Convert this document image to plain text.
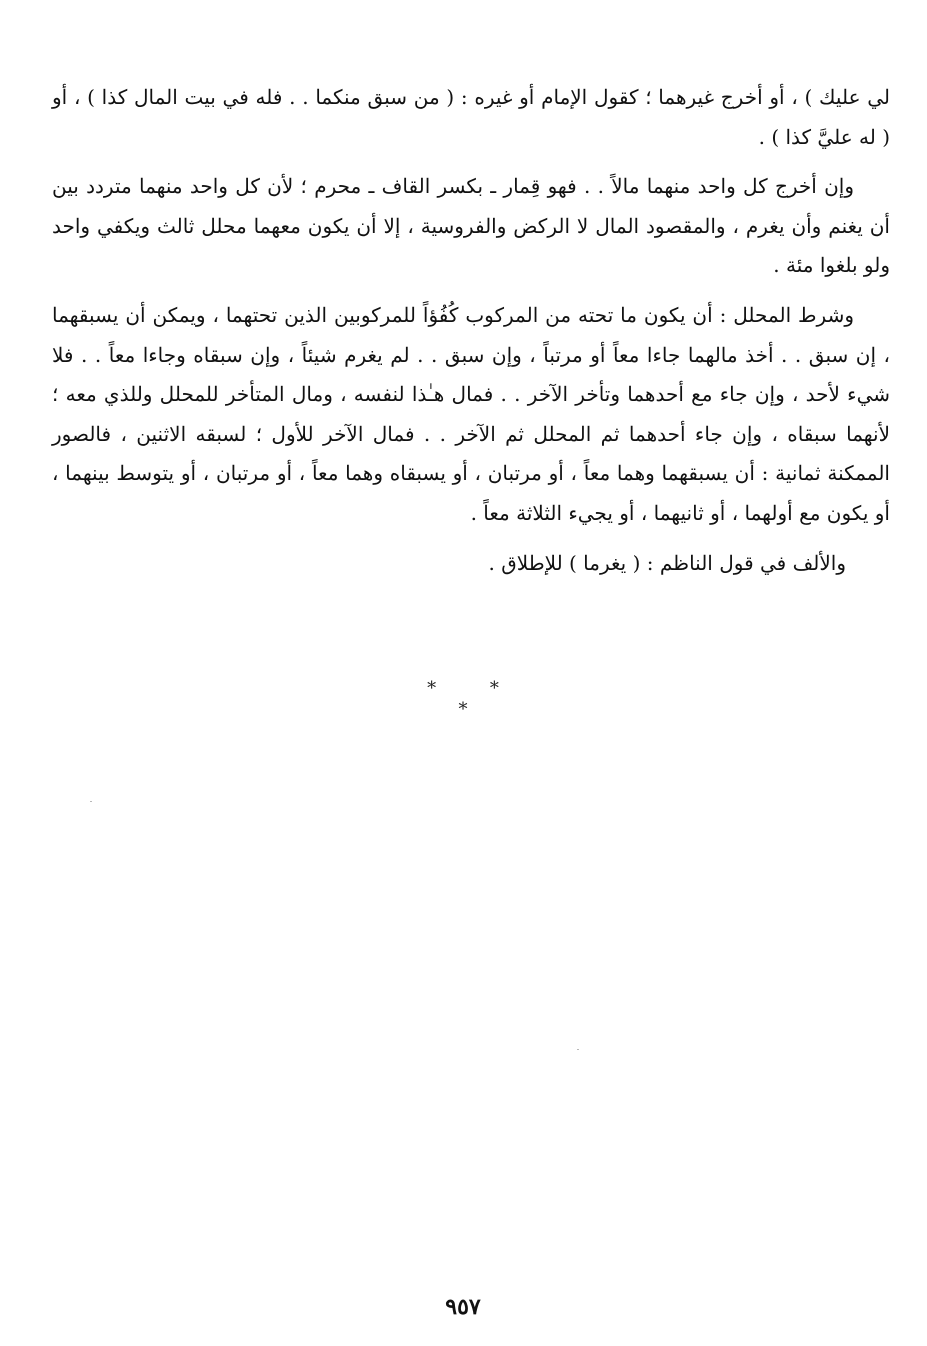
لي عليك ) ، أو أخرج غيرهما ؛ كقول الإمام أو غيره : ( من سبق منكما . . فله في بيت المال كذا ) ، أو ( له عليَّ كذا ) .

وإن أخرج كل واحد منهما مالاً . . فهو قِمار ـ بكسر القاف ـ محرم ؛ لأن كل واحد منهما متردد بين أن يغنم وأن يغرم ، والمقصود المال لا الركض والفروسية ، إلا أن يكون معهما محلل ثالث ويكفي واحد ولو بلغوا مئة .

وشرط المحلل : أن يكون ما تحته من المركوب كُفُؤاً للمركوبين الذين تحتهما ، ويمكن أن يسبقهما ، إن سبق . . أخذ مالهما جاءا معاً أو مرتباً ، وإن سبق . . لم يغرم شيئاً ، وإن سبقاه وجاءا معاً . . فلا شيء لأحد ، وإن جاء مع أحدهما وتأخر الآخر . . فمال هـٰذا لنفسه ، ومال المتأخر للمحلل وللذي معه ؛ لأنهما سبقاه ، وإن جاء أحدهما ثم المحلل ثم الآخر . . فمال الآخر للأول ؛ لسبقه الاثنين ، فالصور الممكنة ثمانية : أن يسبقهما وهما معاً ، أو مرتبان ، أو يسبقاه وهما معاً ، أو مرتبان ، أو يتوسط بينهما ، أو يكون مع أولهما ، أو ثانيهما ، أو يجيء الثلاثة معاً .

والألف في قول الناظم : ( يغرما ) للإطلاق .

* * *
٩٥٧
